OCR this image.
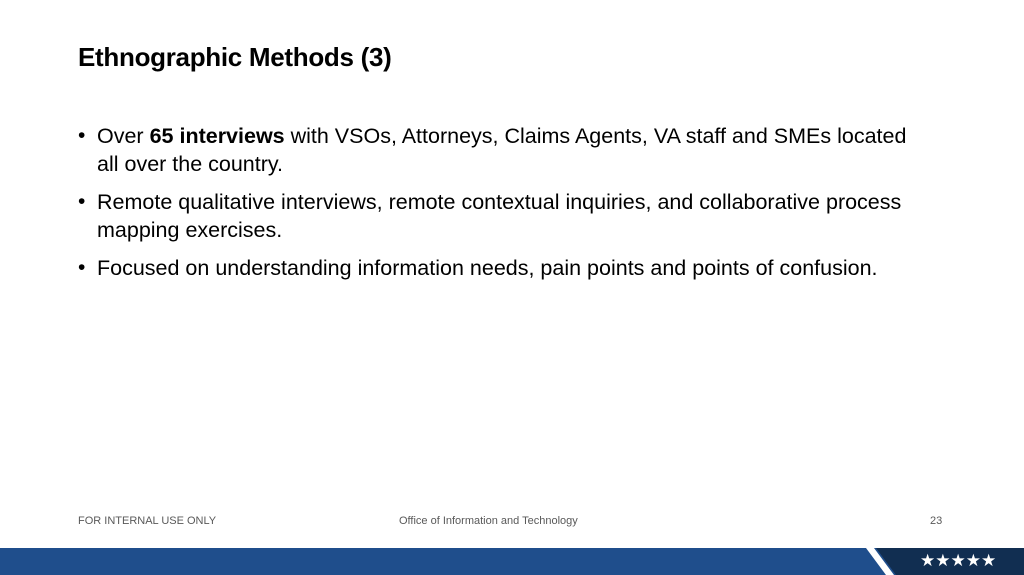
Ethnographic Methods (3)
• Over 65 interviews with VSOs, Attorneys, Claims Agents, VA staff and SMEs located all over the country.
• Remote qualitative interviews, remote contextual inquiries, and collaborative process mapping exercises.
• Focused on understanding information needs, pain points and points of confusion.
FOR INTERNAL USE ONLY	Office of Information and Technology	23
★★★★★
